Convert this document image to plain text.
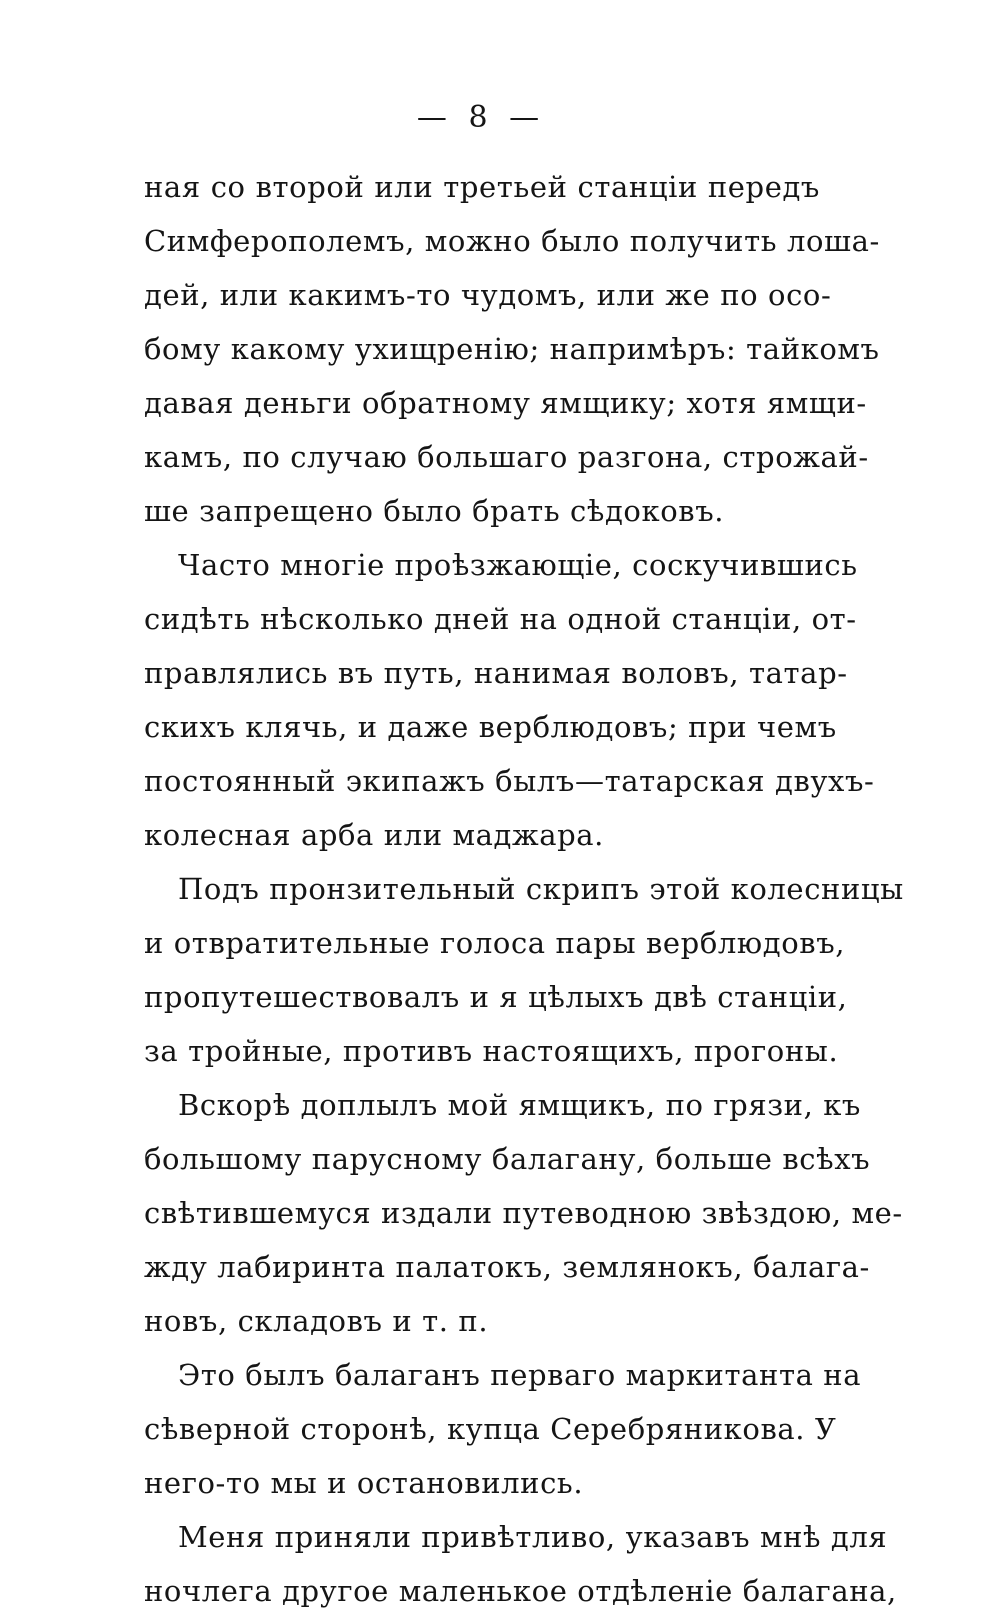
— 8 —
ная со второй или третьей станціи передъ
Симферополемъ, можно было получить лоша-
дей, или какимъ-то чудомъ, или же по осо-
бому какому ухищренію; напримѣръ: тайкомъ
давая деньги обратному ямщику; хотя ямщи-
камъ, по случаю большаго разгона, строжай-
ше запрещено было брать сѣдоковъ.
Часто многіе проѣзжающіе, соскучившись
сидѣть нѣсколько дней на одной станціи, от-
правлялись въ путь, нанимая воловъ, татар-
скихъ клячь, и даже верблюдовъ; при чемъ
постоянный экипажъ былъ—татарская двухъ-
колесная арба или маджара.
Подъ пронзительный скрипъ этой колесницы
и отвратительные голоса пары верблюдовъ,
пропутешествовалъ и я цѣлыхъ двѣ станціи,
за тройные, противъ настоящихъ, прогоны.
Вскорѣ доплылъ мой ямщикъ, по грязи, къ
большому парусному балагану, больше всѣхъ
свѣтившемуся издали путеводною звѣздою, ме-
жду лабиринта палатокъ, землянокъ, балага-
новъ, складовъ и т. п.
Это былъ балаганъ перваго маркитанта на
сѣверной сторонѣ, купца Серебряникова. У
него-то мы и остановились.
Меня приняли привѣтливо, указавъ мнѣ для
ночлега другое маленькое отдѣленіе балагана,
